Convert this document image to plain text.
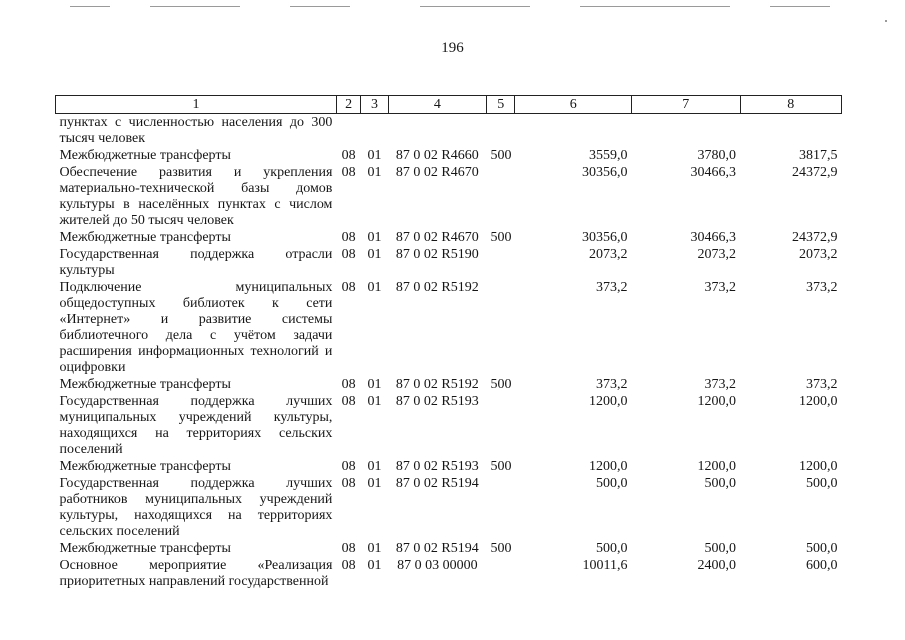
196
1	2	3	4	5	6	7	8
пунктах с численностью населения до 300 тысяч человек							
Межбюджетные трансферты	08	01	87 0 02 R4660	500	3559,0	3780,0	3817,5
Обеспечение развития и укрепления материально-технической базы домов культуры в населённых пунктах с числом жителей до 50 тысяч человек	08	01	87 0 02 R4670		30356,0	30466,3	24372,9
Межбюджетные трансферты	08	01	87 0 02 R4670	500	30356,0	30466,3	24372,9
Государственная поддержка отрасли культуры	08	01	87 0 02 R5190		2073,2	2073,2	2073,2
Подключение муниципальных общедоступных библиотек к сети «Интернет» и развитие системы библиотечного дела с учётом задачи расширения информационных технологий и оцифровки	08	01	87 0 02 R5192		373,2	373,2	373,2
Межбюджетные трансферты	08	01	87 0 02 R5192	500	373,2	373,2	373,2
Государственная поддержка лучших муниципальных учреждений культуры, находящихся на территориях сельских поселений	08	01	87 0 02 R5193		1200,0	1200,0	1200,0
Межбюджетные трансферты	08	01	87 0 02 R5193	500	1200,0	1200,0	1200,0
Государственная поддержка лучших работников муниципальных учреждений культуры, находящихся на территориях сельских поселений	08	01	87 0 02 R5194		500,0	500,0	500,0
Межбюджетные трансферты	08	01	87 0 02 R5194	500	500,0	500,0	500,0
Основное мероприятие «Реализация приоритетных направлений государственной	08	01	87 0 03 00000		10011,6	2400,0	600,0
